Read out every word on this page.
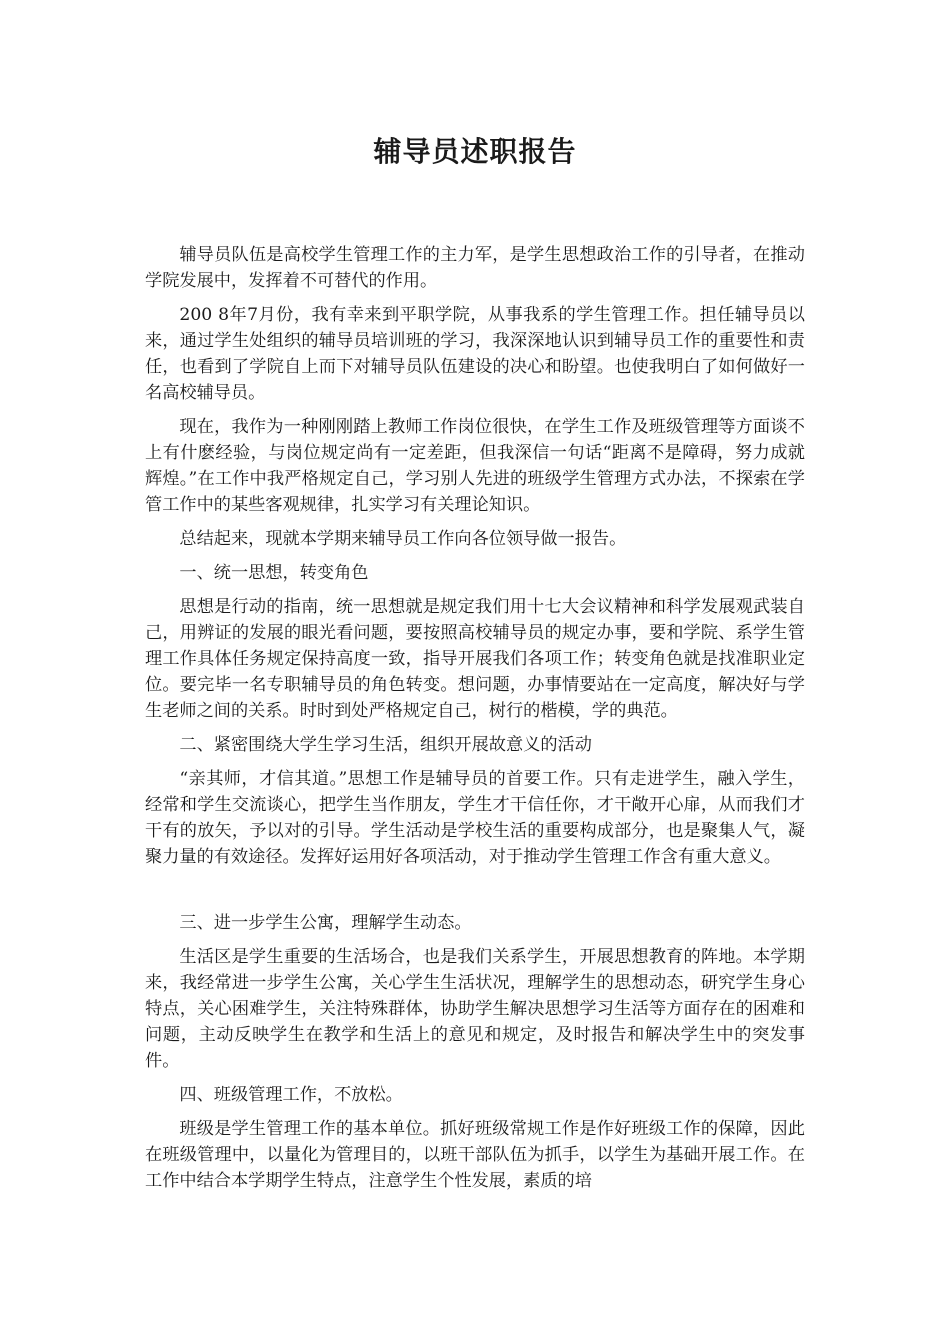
辅导员述职报告

辅导员队伍是高校学生管理工作的主力军，是学生思想政治工作的引导者，在推动学院发展中，发挥着不可替代的作用。

200 8年7月份，我有幸来到平职学院，从事我系的学生管理工作。担任辅导员以来，通过学生处组织的辅导员培训班的学习，我深深地认识到辅导员工作的重要性和责任，也看到了学院自上而下对辅导员队伍建设的决心和盼望。也使我明白了如何做好一名高校辅导员。

现在，我作为一种刚刚踏上教师工作岗位很快，在学生工作及班级管理等方面谈不上有什麽经验，与岗位规定尚有一定差距，但我深信一句话“距离不是障碍，努力成就辉煌。”在工作中我严格规定自己，学习别人先进的班级学生管理方式办法，不探索在学管工作中的某些客观规律，扎实学习有关理论知识。

总结起来，现就本学期来辅导员工作向各位领导做一报告。

一、统一思想，转变角色

思想是行动的指南，统一思想就是规定我们用十七大会议精神和科学发展观武装自己，用辨证的发展的眼光看问题，要按照高校辅导员的规定办事，要和学院、系学生管理工作具体任务规定保持高度一致，指导开展我们各项工作；转变角色就是找准职业定位。要完毕一名专职辅导员的角色转变。想问题，办事情要站在一定高度，解决好与学生老师之间的关系。时时到处严格规定自己，树行的楷模，学的典范。

二、紧密围绕大学生学习生活，组织开展故意义的活动

“亲其师，才信其道。”思想工作是辅导员的首要工作。只有走进学生，融入学生，经常和学生交流谈心，把学生当作朋友，学生才干信任你，才干敞开心扉，从而我们才干有的放矢，予以对的引导。学生活动是学校生活的重要构成部分，也是聚集人气，凝聚力量的有效途径。发挥好运用好各项活动，对于推动学生管理工作含有重大意义。

三、进一步学生公寓，理解学生动态。

生活区是学生重要的生活场合，也是我们关系学生，开展思想教育的阵地。本学期来，我经常进一步学生公寓，关心学生生活状况，理解学生的思想动态，研究学生身心特点，关心困难学生，关注特殊群体，协助学生解决思想学习生活等方面存在的困难和问题，主动反映学生在教学和生活上的意见和规定，及时报告和解决学生中的突发事件。

四、班级管理工作，不放松。

班级是学生管理工作的基本单位。抓好班级常规工作是作好班级工作的保障，因此在班级管理中，以量化为管理目的，以班干部队伍为抓手，以学生为基础开展工作。在工作中结合本学期学生特点，注意学生个性发展，素质的培
